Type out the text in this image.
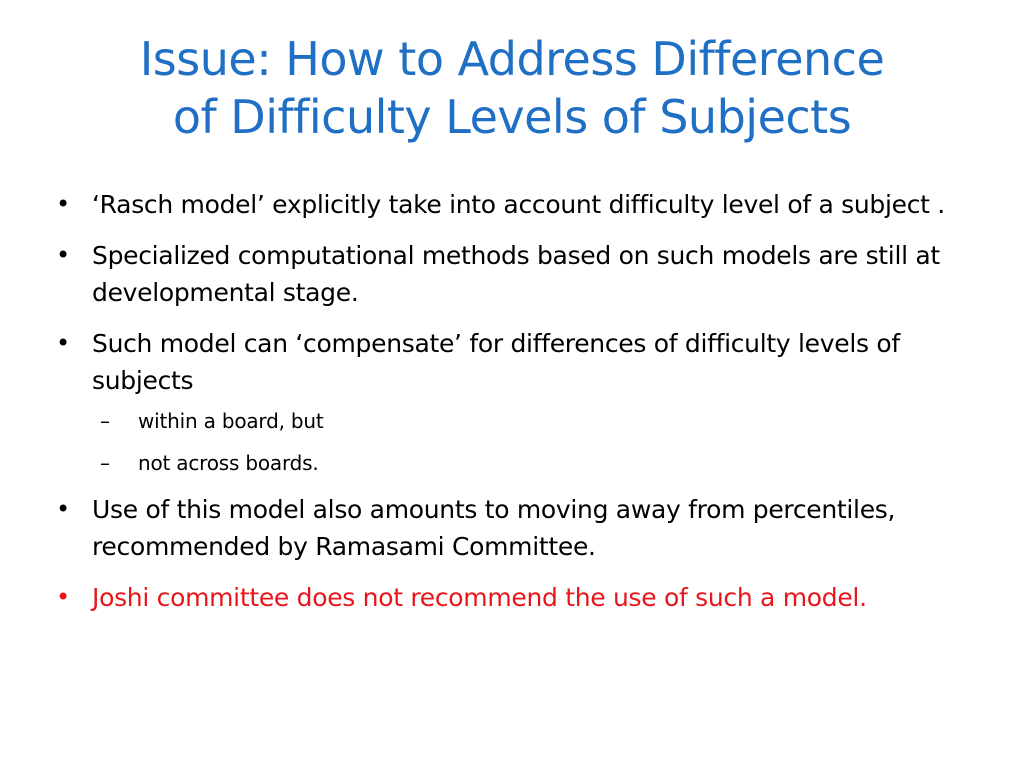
Issue: How to Address Difference
of Difficulty Levels of Subjects
• ‘Rasch model’ explicitly take into account difficulty level of a subject .
• Specialized computational methods based on such models are still at developmental stage.
• Such model can ‘compensate’ for differences of difficulty levels of subjects
– within a board, but
– not across boards.
• Use of this model also amounts to moving away from percentiles, recommended by Ramasami Committee.
• Joshi committee does not recommend the use of such a model.
